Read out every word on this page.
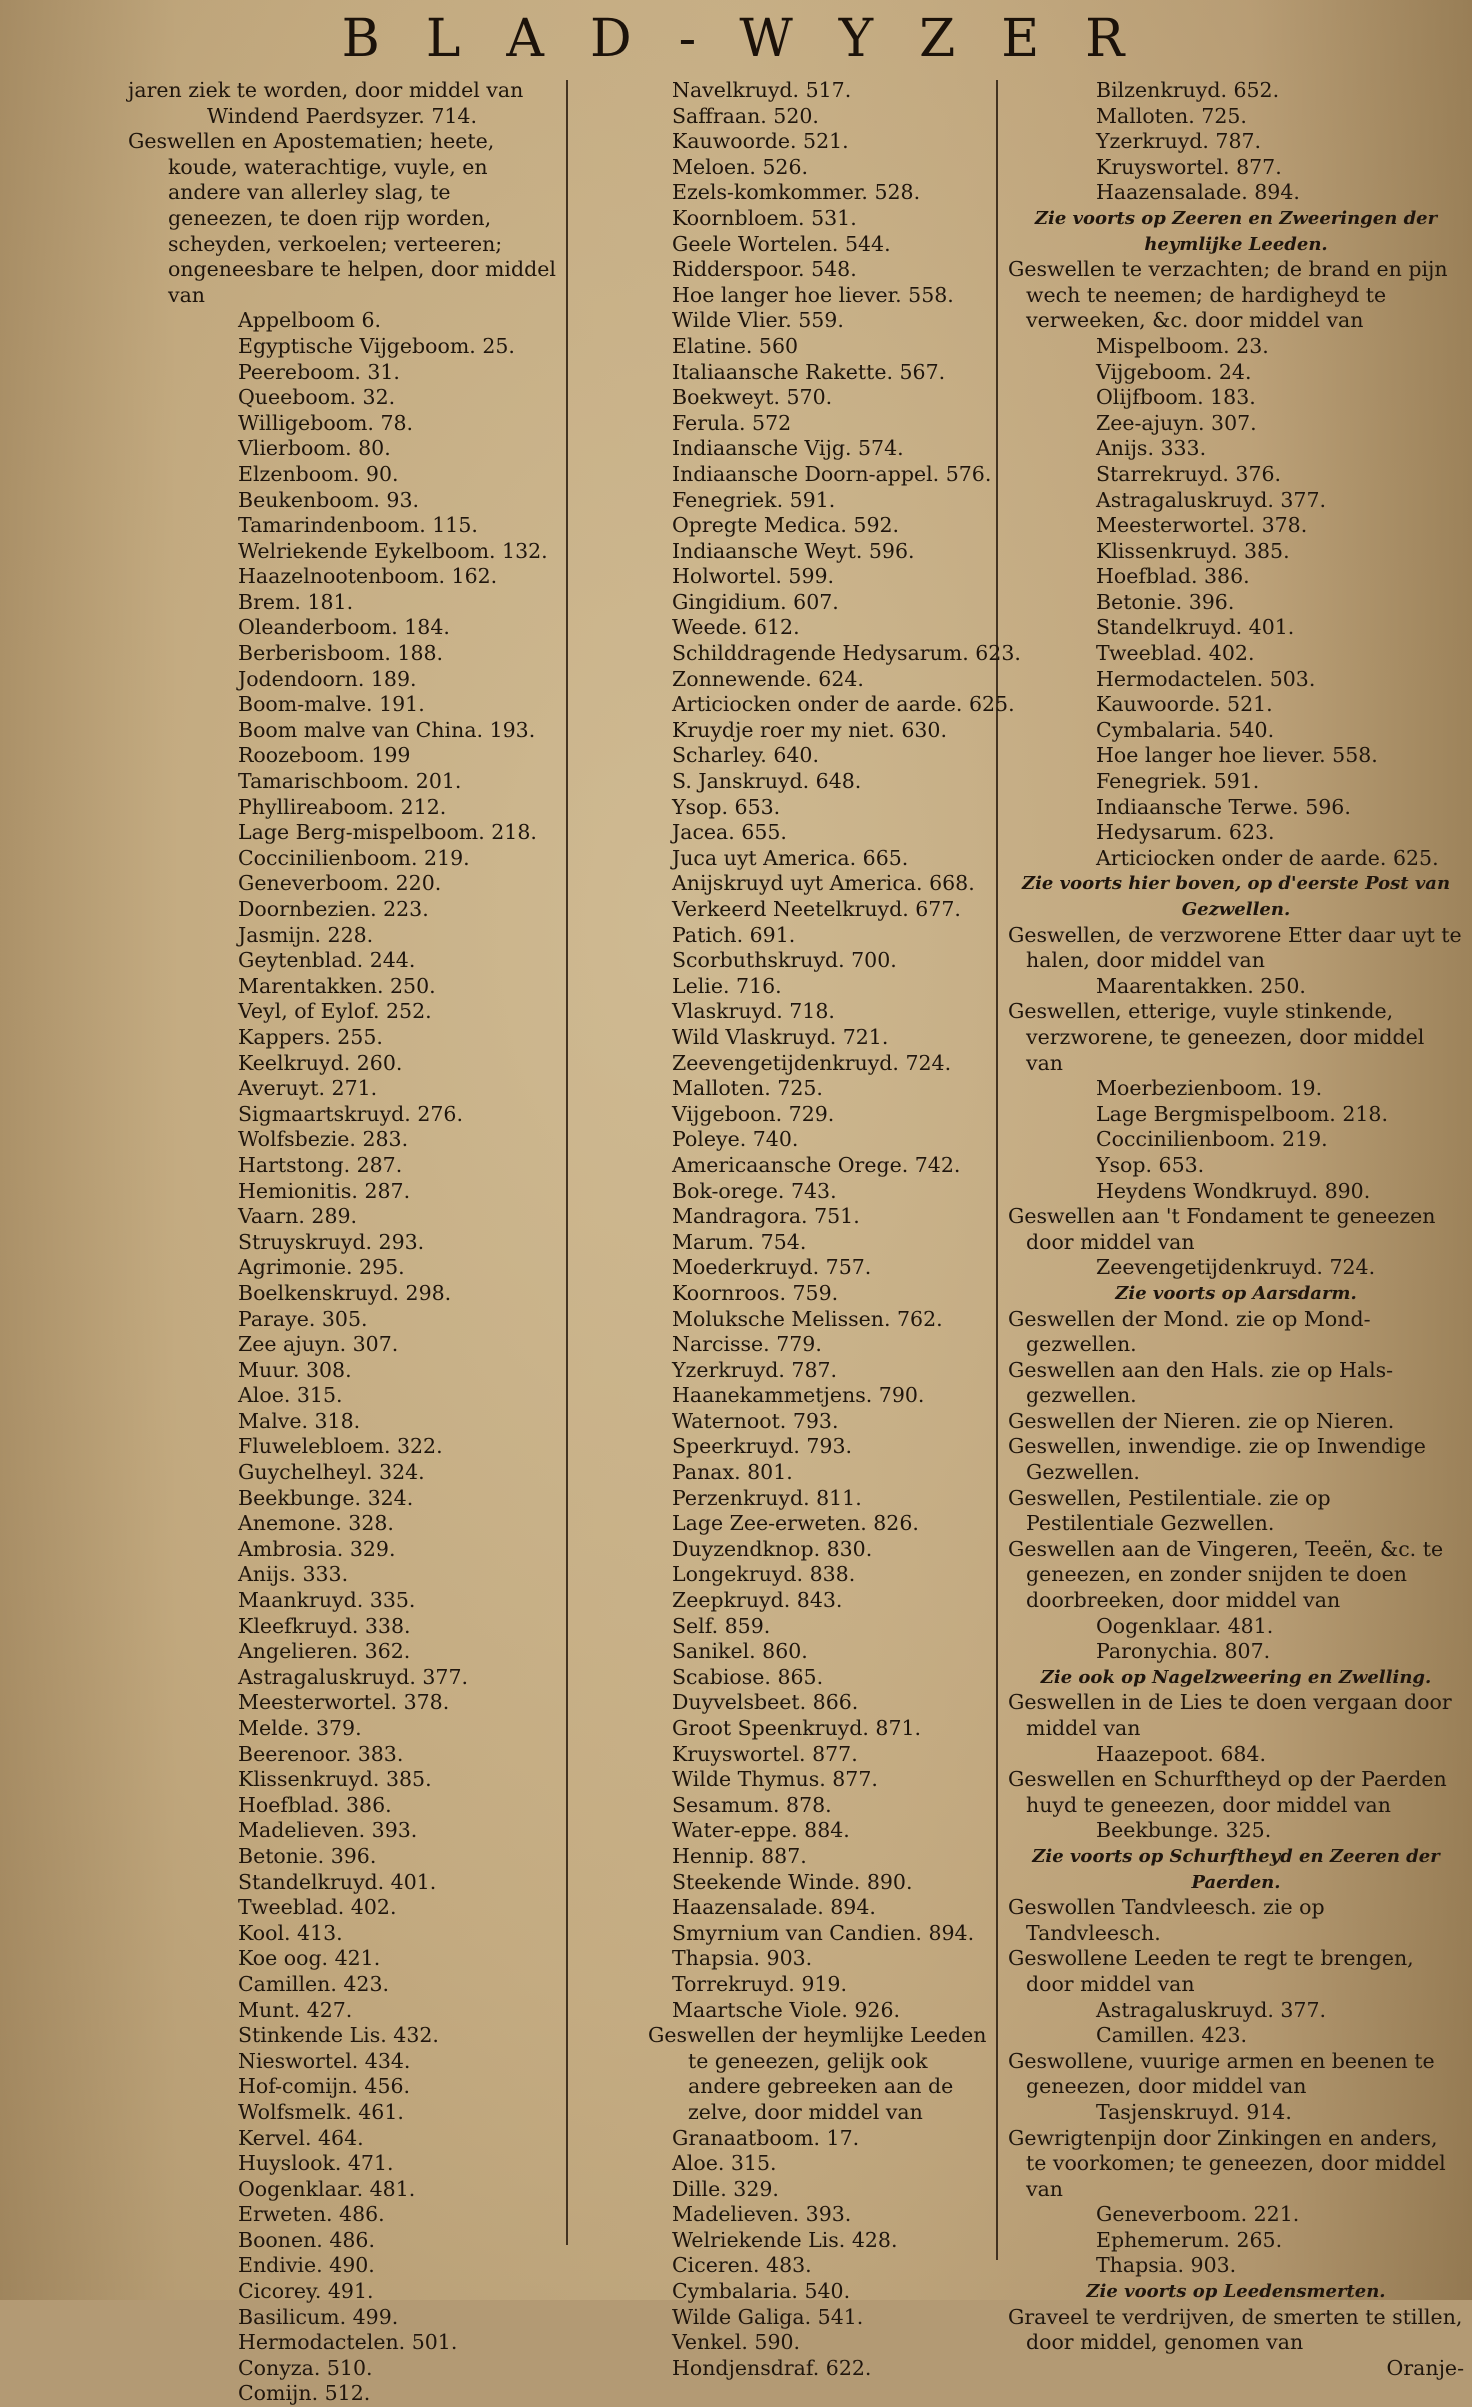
BLAD-WYZER
jaren ziek te worden, door middel van
Windend Paerdsyzer. 714.
Geswellen en Apostematien; heete, koude, waterachtige, vuyle, en andere van allerley slag, te geneezen, te doen rijp worden, scheyden, verkoelen; verteeren; ongeneesbare te helpen, door middel van
Appelboom 6.
Egyptische Vijgeboom. 25.
Peereboom. 31.
Queeboom. 32.
Willigeboom. 78.
Vlierboom. 80.
Elzenboom. 90.
Beukenboom. 93.
Tamarindenboom. 115.
Welriekende Eykelboom. 132.
Haazelnootenboom. 162.
Brem. 181.
Oleanderboom. 184.
Berberisboom. 188.
Jodendoorn. 189.
Boom-malve. 191.
Boom malve van China. 193.
Roozeboom. 199
Tamarischboom. 201.
Phyllireaboom. 212.
Lage Berg-mispelboom. 218.
Coccinilienboom. 219.
Geneverboom. 220.
Doornbezien. 223.
Jasmijn. 228.
Geytenblad. 244.
Marentakken. 250.
Veyl, of Eylof. 252.
Kappers. 255.
Keelkruyd. 260.
Averuyt. 271.
Sigmaartskruyd. 276.
Wolfsbezie. 283.
Hartstong. 287.
Hemionitis. 287.
Vaarn. 289.
Struyskruyd. 293.
Agrimonie. 295.
Boelkenskruyd. 298.
Paraye. 305.
Zee ajuyn. 307.
Muur. 308.
Aloe. 315.
Malve. 318.
Fluwelebloem. 322.
Guychelheyl. 324.
Beekbunge. 324.
Anemone. 328.
Ambrosia. 329.
Anijs. 333.
Maankruyd. 335.
Kleefkruyd. 338.
Angelieren. 362.
Astragaluskruyd. 377.
Meesterwortel. 378.
Melde. 379.
Beerenoor. 383.
Klissenkruyd. 385.
Hoefblad. 386.
Madelieven. 393.
Betonie. 396.
Standelkruyd. 401.
Tweeblad. 402.
Kool. 413.
Koe oog. 421.
Camillen. 423.
Munt. 427.
Stinkende Lis. 432.
Nieswortel. 434.
Hof-comijn. 456.
Wolfsmelk. 461.
Kervel. 464.
Huyslook. 471.
Oogenklaar. 481.
Erweten. 486.
Boonen. 486.
Endivie. 490.
Cicorey. 491.
Basilicum. 499.
Hermodactelen. 501.
Conyza. 510.
Comijn. 512.
Navelkruyd. 517.
Saffraan. 520.
Kauwoorde. 521.
Meloen. 526.
Ezels-komkommer. 528.
Koornbloem. 531.
Geele Wortelen. 544.
Ridderspoor. 548.
Hoe langer hoe liever. 558.
Wilde Vlier. 559.
Elatine. 560
Italiaansche Rakette. 567.
Boekweyt. 570.
Ferula. 572
Indiaansche Vijg. 574.
Indiaansche Doorn-appel. 576.
Fenegriek. 591.
Opregte Medica. 592.
Indiaansche Weyt. 596.
Holwortel. 599.
Gingidium. 607.
Weede. 612.
Schilddragende Hedysarum. 623.
Zonnewende. 624.
Articiocken onder de aarde. 625.
Kruydje roer my niet. 630.
Scharley. 640.
S. Janskruyd. 648.
Ysop. 653.
Jacea. 655.
Juca uyt America. 665.
Anijskruyd uyt America. 668.
Verkeerd Neetelkruyd. 677.
Patich. 691.
Scorbuthskruyd. 700.
Lelie. 716.
Vlaskruyd. 718.
Wild Vlaskruyd. 721.
Zeevengetijdenkruyd. 724.
Malloten. 725.
Vijgeboon. 729.
Poleye. 740.
Americaansche Orege. 742.
Bok-orege. 743.
Mandragora. 751.
Marum. 754.
Moederkruyd. 757.
Koornroos. 759.
Moluksche Melissen. 762.
Narcisse. 779.
Yzerkruyd. 787.
Haanekammetjens. 790.
Waternoot. 793.
Speerkruyd. 793.
Panax. 801.
Perzenkruyd. 811.
Lage Zee-erweten. 826.
Duyzendknop. 830.
Longekruyd. 838.
Zeepkruyd. 843.
Self. 859.
Sanikel. 860.
Scabiose. 865.
Duyvelsbeet. 866.
Groot Speenkruyd. 871.
Kruyswortel. 877.
Wilde Thymus. 877.
Sesamum. 878.
Water-eppe. 884.
Hennip. 887.
Steekende Winde. 890.
Haazensalade. 894.
Smyrnium van Candien. 894.
Thapsia. 903.
Torrekruyd. 919.
Maartsche Viole. 926.
Geswellen der heymlijke Leeden te geneezen, gelijk ook andere gebreeken aan de zelve, door middel van
Granaatboom. 17.
Aloe. 315.
Dille. 329.
Madelieven. 393.
Welriekende Lis. 428.
Ciceren. 483.
Cymbalaria. 540.
Wilde Galiga. 541.
Venkel. 590.
Hondjensdraf. 622.
Bilzenkruyd. 652.
Malloten. 725.
Yzerkruyd. 787.
Kruyswortel. 877.
Haazensalade. 894.
Zie voorts op Zeeren en Zweeringen der heymlijke Leeden.
Geswellen te verzachten; de brand en pijn wech te neemen; de hardigheyd te verweeken, &c. door middel van
Mispelboom. 23.
Vijgeboom. 24.
Olijfboom. 183.
Zee-ajuyn. 307.
Anijs. 333.
Starrekruyd. 376.
Astragaluskruyd. 377.
Meesterwortel. 378.
Klissenkruyd. 385.
Hoefblad. 386.
Betonie. 396.
Standelkruyd. 401.
Tweeblad. 402.
Hermodactelen. 503.
Kauwoorde. 521.
Cymbalaria. 540.
Hoe langer hoe liever. 558.
Fenegriek. 591.
Indiaansche Terwe. 596.
Hedysarum. 623.
Articiocken onder de aarde. 625.
Zie voorts hier boven, op d'eerste Post van Gezwellen.
Geswellen, de verzworene Etter daar uyt te halen, door middel van
Maarentakken. 250.
Geswellen, etterige, vuyle stinkende, verzworene, te geneezen, door middel van
Moerbezienboom. 19.
Lage Bergmispelboom. 218.
Coccinilienboom. 219.
Ysop. 653.
Heydens Wondkruyd. 890.
Geswellen aan 't Fondament te geneezen door middel van
Zeevengetijdenkruyd. 724.
Zie voorts op Aarsdarm.
Geswellen der Mond. zie op Mond-gezwellen.
Geswellen aan den Hals. zie op Hals-gezwellen.
Geswellen der Nieren. zie op Nieren.
Geswellen, inwendige. zie op Inwendige Gezwellen.
Geswellen, Pestilentiale. zie op Pestilentiale Gezwellen.
Geswellen aan de Vingeren, Teeën, &c. te geneezen, en zonder snijden te doen doorbreeken, door middel van
Oogenklaar. 481.
Paronychia. 807.
Zie ook op Nagelzweering en Zwelling.
Geswellen in de Lies te doen vergaan door middel van
Haazepoot. 684.
Geswellen en Schurftheyd op der Paerden huyd te geneezen, door middel van
Beekbunge. 325.
Zie voorts op Schurftheyd en Zeeren der Paerden.
Geswollen Tandvleesch. zie op Tandvleesch.
Geswollene Leeden te regt te brengen, door middel van
Astragaluskruyd. 377.
Camillen. 423.
Geswollene, vuurige armen en beenen te geneezen, door middel van
Tasjenskruyd. 914.
Gewrigtenpijn door Zinkingen en anders, te voorkomen; te geneezen, door middel van
Geneverboom. 221.
Ephemerum. 265.
Thapsia. 903.
Zie voorts op Leedensmerten.
Graveel te verdrijven, de smerten te stillen, door middel, genomen van
Oranje-
